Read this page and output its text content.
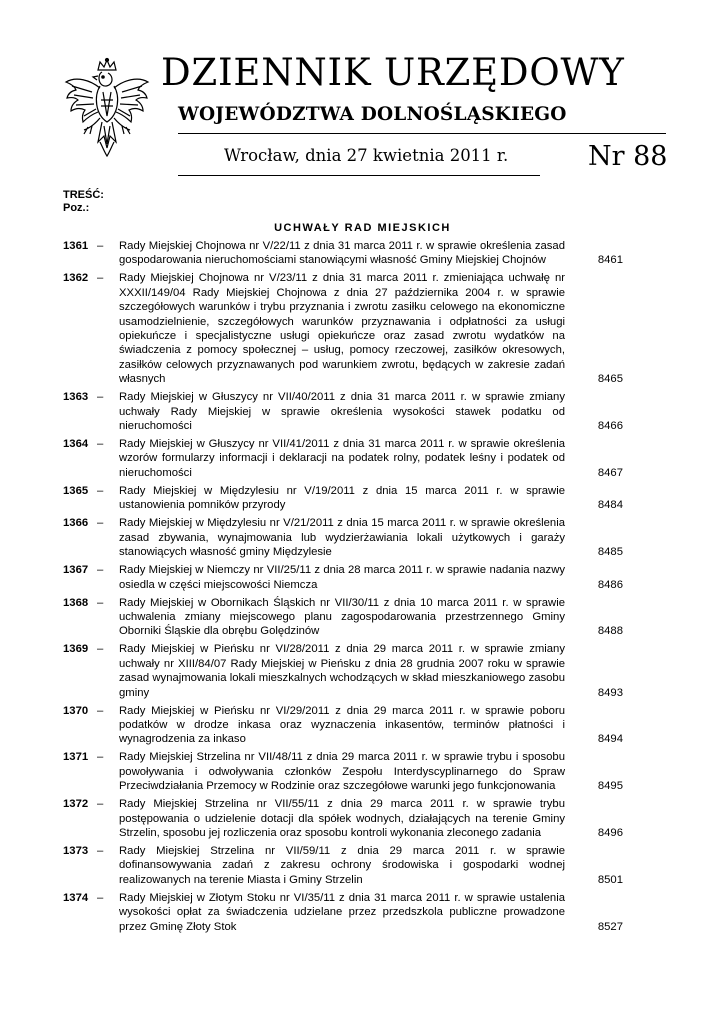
DZIENNIK URZĘDOWY
WOJEWÓDZTWA DOLNOŚLĄSKIEGO
Wrocław, dnia 27 kwietnia 2011 r.	Nr 88
TREŚĆ:
Poz.:
UCHWAŁY RAD MIEJSKICH
1361 – Rady Miejskiej Chojnowa nr V/22/11 z dnia 31 marca 2011 r. w sprawie określenia zasad gospodarowania nieruchomościami stanowiącymi własność Gminy Miejskiej Chojnów	8461
1362 – Rady Miejskiej Chojnowa nr V/23/11 z dnia 31 marca 2011 r. zmieniająca uchwałę nr XXXII/149/04 Rady Miejskiej Chojnowa z dnia 27 października 2004 r. w sprawie szczegółowych warunków i trybu przyznania i zwrotu zasiłku celowego na ekonomiczne usamodzielnienie, szczegółowych warunków przyznawania i odpłatności za usługi opiekuńcze i specjalistyczne usługi opiekuńcze oraz zasad zwrotu wydatków na świadczenia z pomocy społecznej – usług, pomocy rzeczowej, zasiłków okresowych, zasiłków celowych przyznawanych pod warunkiem zwrotu, będących w zakresie zadań własnych	8465
1363 – Rady Miejskiej w Głuszycy nr VII/40/2011 z dnia 31 marca 2011 r. w sprawie zmiany uchwały Rady Miejskiej w sprawie określenia wysokości stawek podatku od nieruchomości	8466
1364 – Rady Miejskiej w Głuszycy nr VII/41/2011 z dnia 31 marca 2011 r. w sprawie określenia wzorów formularzy informacji i deklaracji na podatek rolny, podatek leśny i podatek od nieruchomości	8467
1365 – Rady Miejskiej w Międzylesiu nr V/19/2011 z dnia 15 marca 2011 r. w sprawie ustanowienia pomników przyrody	8484
1366 – Rady Miejskiej w Międzylesiu nr V/21/2011 z dnia 15 marca 2011 r. w sprawie określenia zasad zbywania, wynajmowania lub wydzierżawiania lokali użytkowych i garaży stanowiących własność gminy Międzylesie	8485
1367 – Rady Miejskiej w Niemczy nr VII/25/11 z dnia 28 marca 2011 r. w sprawie nadania nazwy osiedla w części miejscowości Niemcza	8486
1368 – Rady Miejskiej w Obornikach Śląskich nr VII/30/11 z dnia 10 marca 2011 r. w sprawie uchwalenia zmiany miejscowego planu zagospodarowania przestrzennego Gminy Oborniki Śląskie dla obrębu Golędzinów	8488
1369 – Rady Miejskiej w Pieńsku nr VI/28/2011 z dnia 29 marca 2011 r. w sprawie zmiany uchwały nr XIII/84/07 Rady Miejskiej w Pieńsku z dnia 28 grudnia 2007 roku w sprawie zasad wynajmowania lokali mieszkalnych wchodzących w skład mieszkaniowego zasobu gminy	8493
1370 – Rady Miejskiej w Pieńsku nr VI/29/2011 z dnia 29 marca 2011 r. w sprawie poboru podatków w drodze inkasa oraz wyznaczenia inkasentów, terminów płatności i wynagrodzenia za inkaso	8494
1371 – Rady Miejskiej Strzelina nr VII/48/11 z dnia 29 marca 2011 r. w sprawie trybu i sposobu powoływania i odwoływania członków Zespołu Interdyscyplinarnego do Spraw Przeciwdziałania Przemocy w Rodzinie oraz szczegółowe warunki jego funkcjonowania	8495
1372 – Rady Miejskiej Strzelina nr VII/55/11 z dnia 29 marca 2011 r. w sprawie trybu postępowania o udzielenie dotacji dla spółek wodnych, działających na terenie Gminy Strzelin, sposobu jej rozliczenia oraz sposobu kontroli wykonania zleconego zadania	8496
1373 – Rady Miejskiej Strzelina nr VII/59/11 z dnia 29 marca 2011 r. w sprawie dofinansowywania zadań z zakresu ochrony środowiska i gospodarki wodnej realizowanych na terenie Miasta i Gminy Strzelin	8501
1374 – Rady Miejskiej w Złotym Stoku nr VI/35/11 z dnia 31 marca 2011 r. w sprawie ustalenia wysokości opłat za świadczenia udzielane przez przedszkola publiczne prowadzone przez Gminę Złoty Stok	8527
